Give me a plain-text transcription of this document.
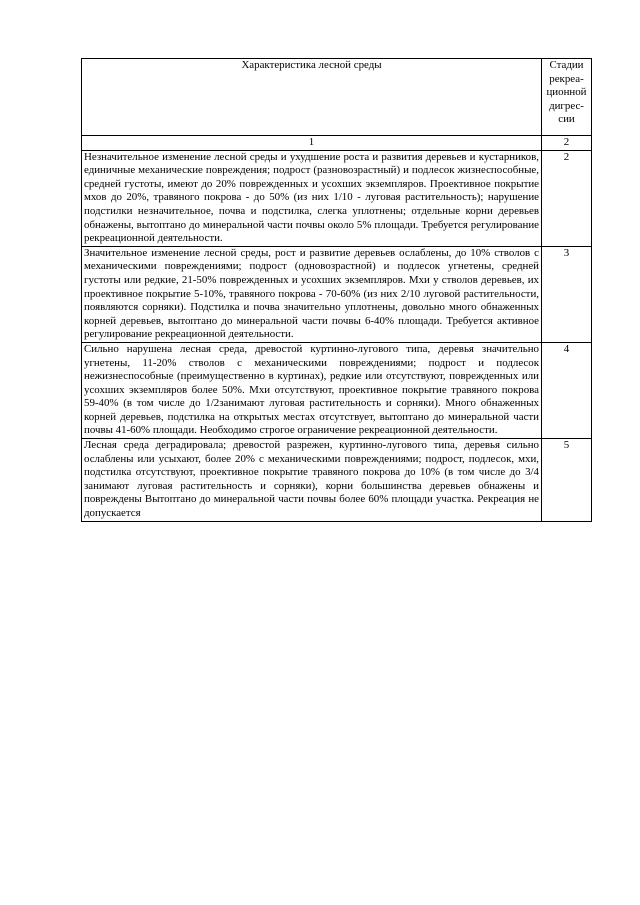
Характеристика лесной среды	Стадии рекреа-ционной дигрес-сии
1	2
Незначительное изменение лесной среды и ухудшение роста и развития деревьев и кустарников, единичные механические повреждения; подрост (разновозрастный) и подлесок жизнеспособные, средней густоты, имеют до 20% поврежденных и усохших экземпляров. Проективное покрытие мхов до 20%, травяного покрова - до 50% (из них 1/10 - луговая растительность); нарушение подстилки незначительное, почва и подстилка, слегка уплотнены; отдельные корни деревьев обнажены, вытоптано до минеральной части почвы около 5% площади. Требуется регулирование рекреационной деятельности.	2
Значительное изменение лесной среды, рост и развитие деревьев ослаблены, до 10% стволов с механическими повреждениями; подрост (одновозрастной) и подлесок угнетены, средней густоты или редкие, 21-50% поврежденных и усохших экземпляров. Мхи у стволов деревьев, их проективное покрытие 5-10%, травяного покрова - 70-60% (из них 2/10 луговой растительности, появляются сорняки). Подстилка и почва значительно уплотнены, довольно много обнаженных корней деревьев, вытоптано до минеральной части почвы 6-40% площади. Требуется активное регулирование рекреационной деятельности.	3
Сильно нарушена лесная среда, древостой куртинно-лугового типа, деревья значительно угнетены, 11-20% стволов с механическими повреждениями; подрост и подлесок нежизнеспособные (преимущественно в куртинах), редкие или отсутствуют, поврежденных или усохших экземпляров более 50%. Мхи отсутствуют, проективное покрытие травяного покрова 59-40% (в том числе до 1/2занимают луговая растительность и сорняки). Много обнаженных корней деревьев, подстилка на открытых местах отсутствует, вытоптано до минеральной части почвы 41-60% площади. Необходимо строгое ограничение рекреационной деятельности.	4
Лесная среда деградировала; древостой разрежен, куртинно-лугового типа, деревья сильно ослаблены или усыхают, более 20% с механическими повреждениями; подрост, подлесок, мхи, подстилка отсутствуют, проективное покрытие травяного покрова до 10% (в том числе до 3/4 занимают луговая растительность и сорняки), корни большинства деревьев обнажены и повреждены Вытоптано до минеральной части почвы более 60% площади участка. Рекреация не допускается	5
